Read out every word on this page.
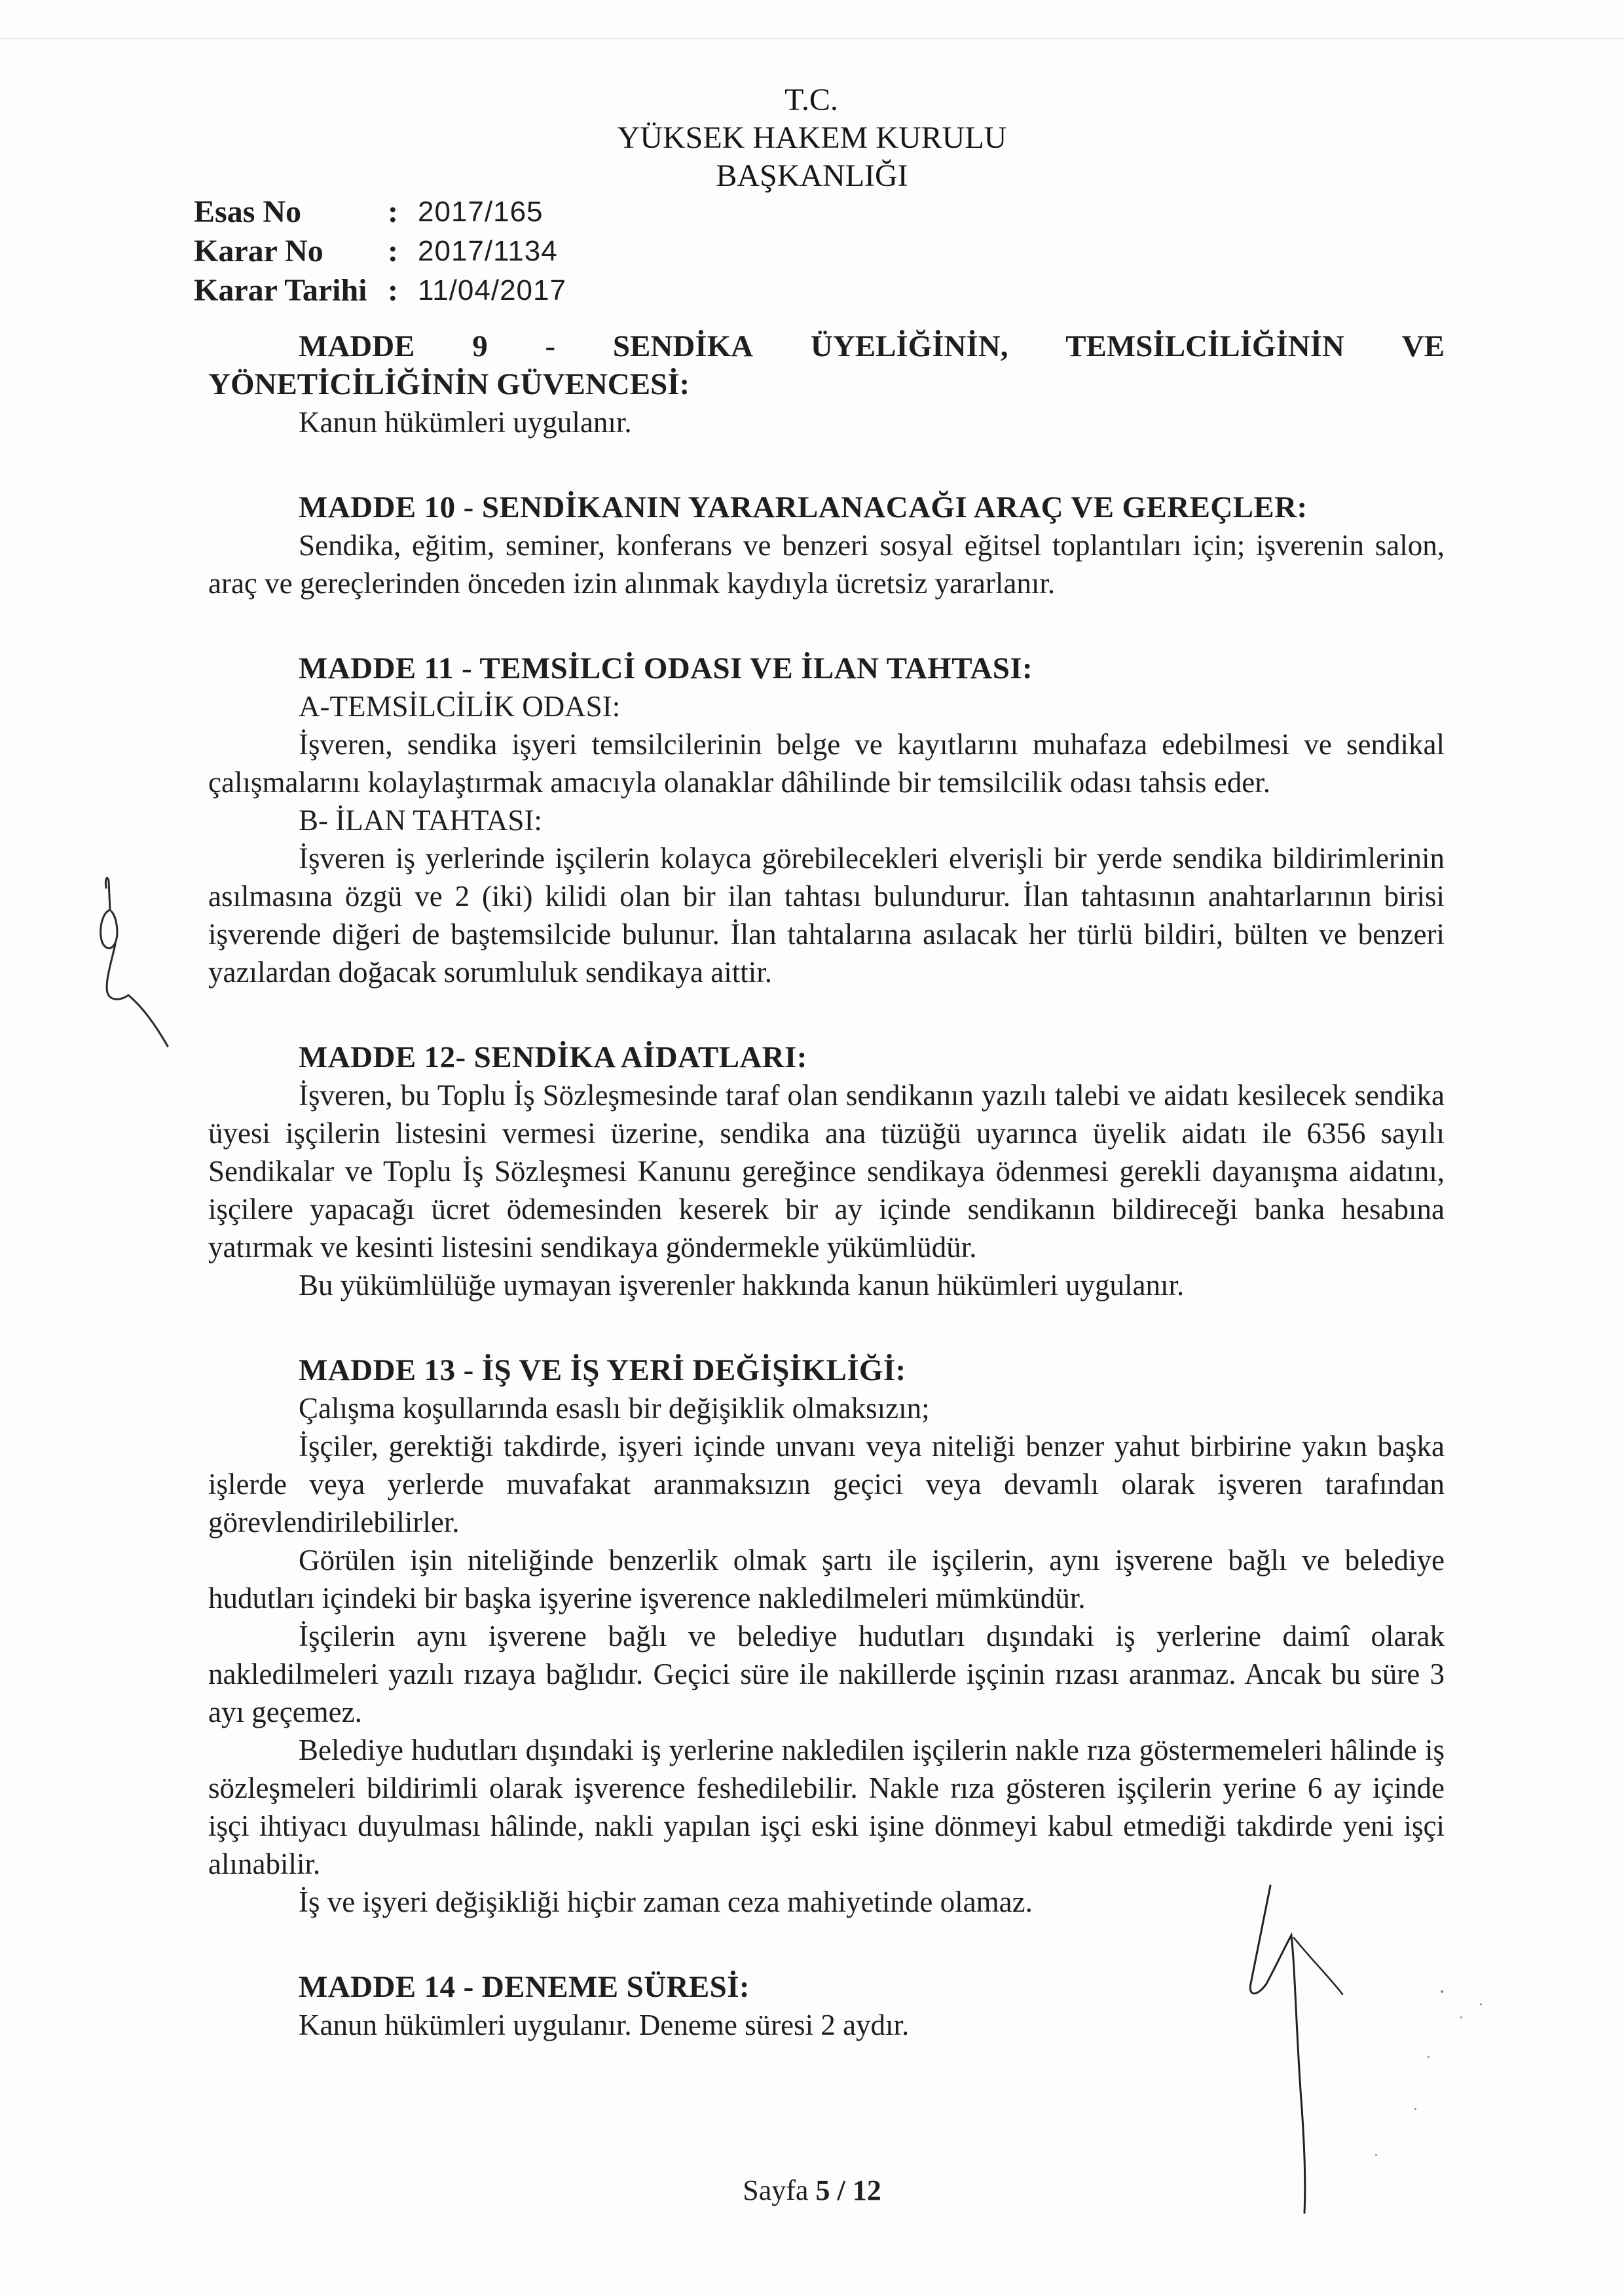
T.C.
YÜKSEK HAKEM KURULU
BAŞKANLIĞI
Esas No	: 2017/165
Karar No	: 2017/1134
Karar Tarihi : 11/04/2017
MADDE 9 - SENDİKA ÜYELİĞİNİN, TEMSİLCİLİĞİNİN VE
YÖNETİCİLİĞİNİN GÜVENCESİ:

Kanun hükümleri uygulanır.

MADDE 10 - SENDİKANIN YARARLANACAĞI ARAÇ VE GEREÇLER:

Sendika, eğitim, seminer, konferans ve benzeri sosyal eğitsel toplantıları için; işverenin salon, araç ve gereçlerinden önceden izin alınmak kaydıyla ücretsiz yararlanır.

MADDE 11 - TEMSİLCİ ODASI VE İLAN TAHTASI:
A-TEMSİLCİLİK ODASI:

İşveren, sendika işyeri temsilcilerinin belge ve kayıtlarını muhafaza edebilmesi ve sendikal çalışmalarını kolaylaştırmak amacıyla olanaklar dâhilinde bir temsilcilik odası tahsis eder.

B- İLAN TAHTASI:

İşveren iş yerlerinde işçilerin kolayca görebilecekleri elverişli bir yerde sendika bildirimlerinin asılmasına özgü ve 2 (iki) kilidi olan bir ilan tahtası bulundurur. İlan tahtasının anahtarlarının birisi işverende diğeri de baştemsilcide bulunur. İlan tahtalarına asılacak her türlü bildiri, bülten ve benzeri yazılardan doğacak sorumluluk sendikaya aittir.

MADDE 12- SENDİKA AİDATLARI:

İşveren, bu Toplu İş Sözleşmesinde taraf olan sendikanın yazılı talebi ve aidatı kesilecek sendika üyesi işçilerin listesini vermesi üzerine, sendika ana tüzüğü uyarınca üyelik aidatı ile 6356 sayılı Sendikalar ve Toplu İş Sözleşmesi Kanunu gereğince sendikaya ödenmesi gerekli dayanışma aidatını, işçilere yapacağı ücret ödemesinden keserek bir ay içinde sendikanın bildireceği banka hesabına yatırmak ve kesinti listesini sendikaya göndermekle yükümlüdür.

Bu yükümlülüğe uymayan işverenler hakkında kanun hükümleri uygulanır.

MADDE 13 - İŞ VE İŞ YERİ DEĞİŞİKLİĞİ:

Çalışma koşullarında esaslı bir değişiklik olmaksızın;

İşçiler, gerektiği takdirde, işyeri içinde unvanı veya niteliği benzer yahut birbirine yakın başka işlerde veya yerlerde muvafakat aranmaksızın geçici veya devamlı olarak işveren tarafından görevlendirilebilirler.

Görülen işin niteliğinde benzerlik olmak şartı ile işçilerin, aynı işverene bağlı ve belediye hudutları içindeki bir başka işyerine işverence nakledilmeleri mümkündür.

İşçilerin aynı işverene bağlı ve belediye hudutları dışındaki iş yerlerine daimî olarak nakledilmeleri yazılı rızaya bağlıdır. Geçici süre ile nakillerde işçinin rızası aranmaz. Ancak bu süre 3 ayı geçemez.

Belediye hudutları dışındaki iş yerlerine nakledilen işçilerin nakle rıza göstermemeleri hâlinde iş sözleşmeleri bildirimli olarak işverence feshedilebilir. Nakle rıza gösteren işçilerin yerine 6 ay içinde işçi ihtiyacı duyulması hâlinde, nakli yapılan işçi eski işine dönmeyi kabul etmediği takdirde yeni işçi alınabilir.

İş ve işyeri değişikliği hiçbir zaman ceza mahiyetinde olamaz.

MADDE 14 - DENEME SÜRESİ:

Kanun hükümleri uygulanır. Deneme süresi 2 aydır.

Sayfa 5 / 12
